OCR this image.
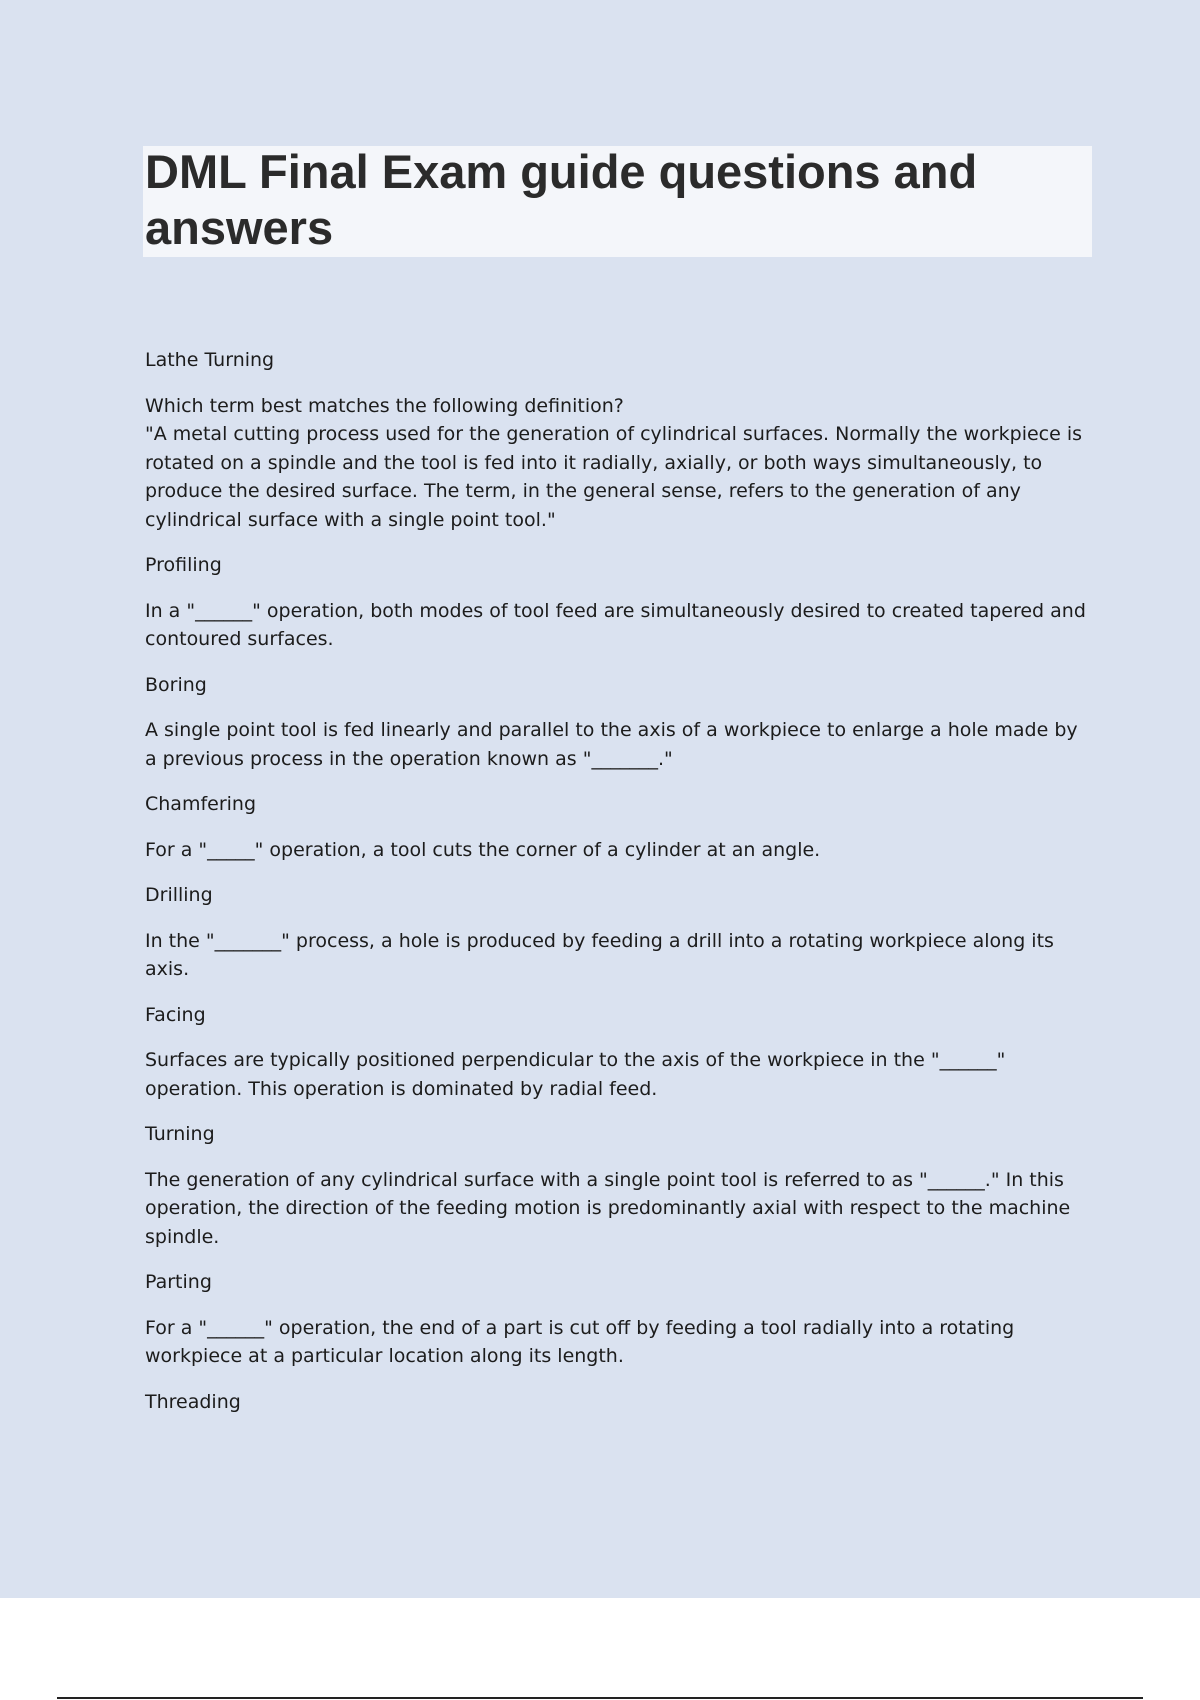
DML Final Exam guide questions and answers

Lathe Turning

Which term best matches the following definition?

"A metal cutting process used for the generation of cylindrical surfaces. Normally the workpiece is rotated on a spindle and the tool is fed into it radially, axially, or both ways simultaneously, to produce the desired surface. The term, in the general sense, refers to the generation of any cylindrical surface with a single point tool."

Profiling

In a "______" operation, both modes of tool feed are simultaneously desired to created tapered and contoured surfaces.

Boring

A single point tool is fed linearly and parallel to the axis of a workpiece to enlarge a hole made by a previous process in the operation known as "_______."

Chamfering

For a "_____" operation, a tool cuts the corner of a cylinder at an angle.

Drilling

In the "_______" process, a hole is produced by feeding a drill into a rotating workpiece along its axis.

Facing

Surfaces are typically positioned perpendicular to the axis of the workpiece in the "______" operation. This operation is dominated by radial feed.

Turning

The generation of any cylindrical surface with a single point tool is referred to as "______." In this operation, the direction of the feeding motion is predominantly axial with respect to the machine spindle.

Parting

For a "______" operation, the end of a part is cut off by feeding a tool radially into a rotating workpiece at a particular location along its length.

Threading
